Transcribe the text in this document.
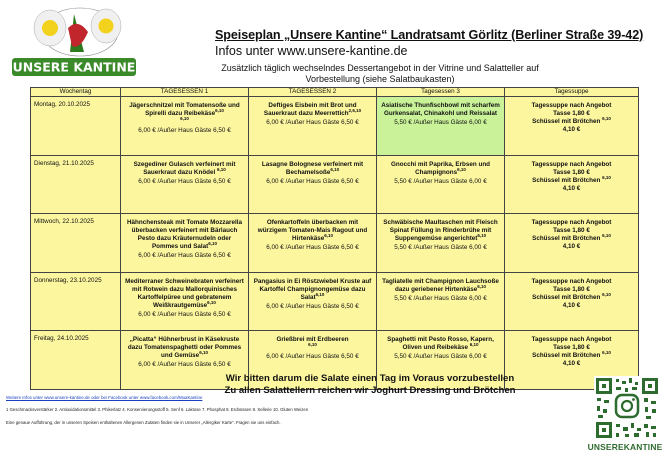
UNSERE KANTINE
Speiseplan „Unsere Kantine“ Landratsamt Görlitz (Berliner Straße 39-42)
Infos unter www.unsere-kantine.de
Zusätzlich täglich wechselndes Dessertangebot in der Vitrine und Salatteller auf
Vorbestellung (siehe Salatbaukasten)
Wochentag	TAGESESSEN 1	TAGESESSEN 2	Tagesessen 3	Tagessuppe
Montag, 20.10.2025	Jägerschnitzel mit Tomatensoße und Spirelli dazu Reibekäse$^{6,10}$
$^{6,10}$
6,00 € /Außer Haus Gäste 6,50 €	Deftiges Eisbein mit Brot und Sauerkraut dazu Meerrettich$^{2,6,10}$
6,00 € /Außer Haus Gäste 6,50 €	Asiatische Thunfischbowl mit scharfem Gurkensalat, Chinakohl und Reissalat
5,50 € /Außer Haus Gäste 6,00 €	Tagessuppe nach Angebot
Tasse 1,80 €
Schüssel mit Brötchen $^{6,10}$
4,10 €

Dienstag, 21.10.2025	Szegediner Gulasch verfeinert mit Sauerkraut dazu Knödel $^{6,10}$
6,00 € /Außer Haus Gäste 6,50 €	Lasagne Bolognese verfeinert mit Bechamelsoße$^{6,10}$
6,00 € /Außer Haus Gäste 6,50 €	Gnocchi mit Paprika, Erbsen und Champignons$^{6,10}$
5,50 € /Außer Haus Gäste 6,00 €	Tagessuppe nach Angebot
Tasse 1,80 €
Schüssel mit Brötchen $^{6,10}$
4,10 €

Mittwoch, 22.10.2025	Hähnchensteak mit Tomate Mozzarella überbacken verfeinert mit Bärlauch Pesto dazu Kräuternudeln oder Pommes und Salat$^{6,10}$
6,00 € /Außer Haus Gäste 6,50 €	Ofenkartoffeln überbacken mit würzigem Tomaten-Mais Ragout und Hirtenkäse$^{6,10}$
6,00 € /Außer Haus Gäste 6,50 €	Schwäbische Maultaschen mit Fleisch Spinat Füllung in Rinderbrühe mit Suppengemüse angerichtet$^{6,10}$
5,50 € /Außer Haus Gäste 6,00 €	Tagessuppe nach Angebot
Tasse 1,80 €
Schüssel mit Brötchen $^{6,10}$
4,10 €

Donnerstag, 23.10.2025	Mediterraner Schweinebraten verfeinert mit Rotwein dazu Mallorquinisches Kartoffelpüree und gebratenem Weißkrautgemüse$^{6,10}$
6,00 € /Außer Haus Gäste 6,50 €	Pangasius in Ei Röstzwiebel Kruste auf Kartoffel Champignongemüse dazu Salat$^{6,10}$
6,00 € /Außer Haus Gäste 6,50 €	Tagliatelle mit Champignon Lauchsoße dazu geriebener Hirtenkäse$^{6,10}$
5,50 € /Außer Haus Gäste 6,00 €	Tagessuppe nach Angebot
Tasse 1,80 €
Schüssel mit Brötchen $^{6,10}$
4,10 €

Freitag, 24.10.2025	„Picatta“ Hühnerbrust in Käsekruste dazu Tomatenspaghetti oder Pommes und Gemüse$^{6,10}$
6,00 € /Außer Haus Gäste 6,50 €	Grießbrei mit Erdbeeren
$^{6,10}$
6,00 € /Außer Haus Gäste 6,50 €	Spaghetti mit Pesto Rosso, Kapern, Oliven und Reibekäse $^{6,10}$
5,50 € /Außer Haus Gäste 6,00 €	Tagessuppe nach Angebot
Tasse 1,80 €
Schüssel mit Brötchen $^{6,10}$
4,10 €
Wir bitten darum die Salate einen Tag im Voraus vorzubestellen
Zu allen Salattellern reichen wir Joghurt Dressing und Brötchen
Weitere Infos unter www.unsere-kantine.de oder bei Facebook unter www.facebook.com/MuaKantine
1 Geschmacksverstärker 2. Antioxidationsmittel 3. Phikerlatz 4. Konservierungsstoff 5. Senf 6. Laktose 7. Phosphat 8. Erdnüssen 9. Sellerie 10. Gluten Weizen
Eine genaue Aufführung, der in unseren Speisen enthaltenen Allergenen Zutaten finden sie in Unserer „Allergiker Karte“. Fragen sie uns einfach.
UNSEREKANTINE
